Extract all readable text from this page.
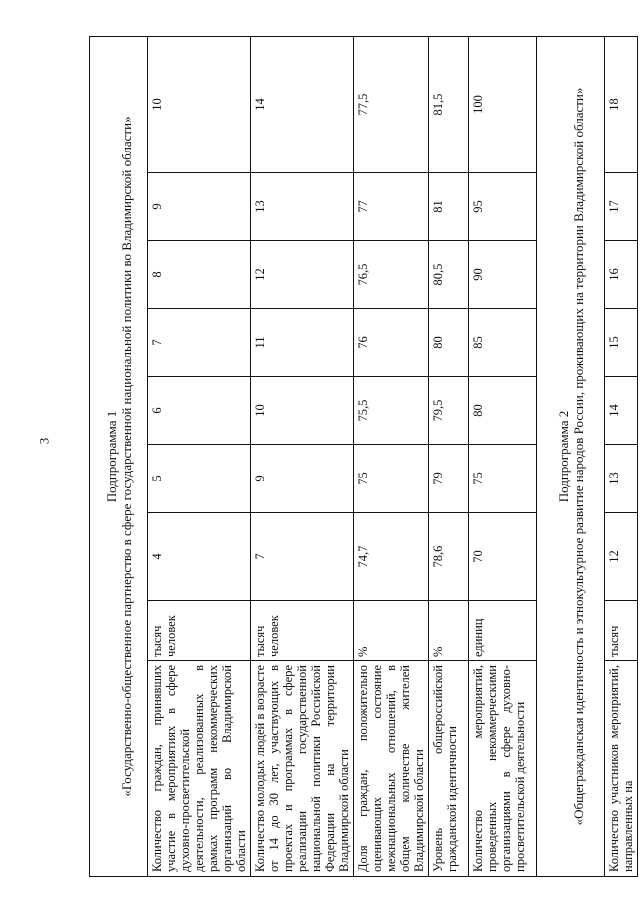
3	Подпрограмма 1 «Государственно-общественное партнерство в сфере государственной национальной политики во Владимирской области»								

Количество граждан, принявших участие в мероприятиях в сфере духовно-просветительской деятельности, реализованных в рамках программ некоммерческих организаций во Владимирской области	тысяч человек	4	5	6	7	8	9	10
Количество молодых людей в возрасте от 14 до 30 лет, участвующих в проектах и программах в сфере реализации государственной национальной политики Российской Федерации на территории Владимирской области	тысяч человек	7	9	10	11	12	13	14
Доля граждан, положительно оценивающих состояние межнациональных отношений, в общем количестве жителей Владимирской области	%	74,7	75	75,5	76	76,5	77	77,5
Уровень общероссийской гражданской идентичности	%	78,6	79	79,5	80	80,5	81	81,5
Количество мероприятий, проведенных некоммерческими организациями в сфере духовно-просветительской деятельности	единиц	70	75	80	85	90	95	100

Подпрограмма 2 «Общегражданская идентичность и этнокультурное развитие народов России, проживающих на территории Владимирской области»								

Количество участников мероприятий, направленных на	тысяч	12	13	14	15	16	17	18
